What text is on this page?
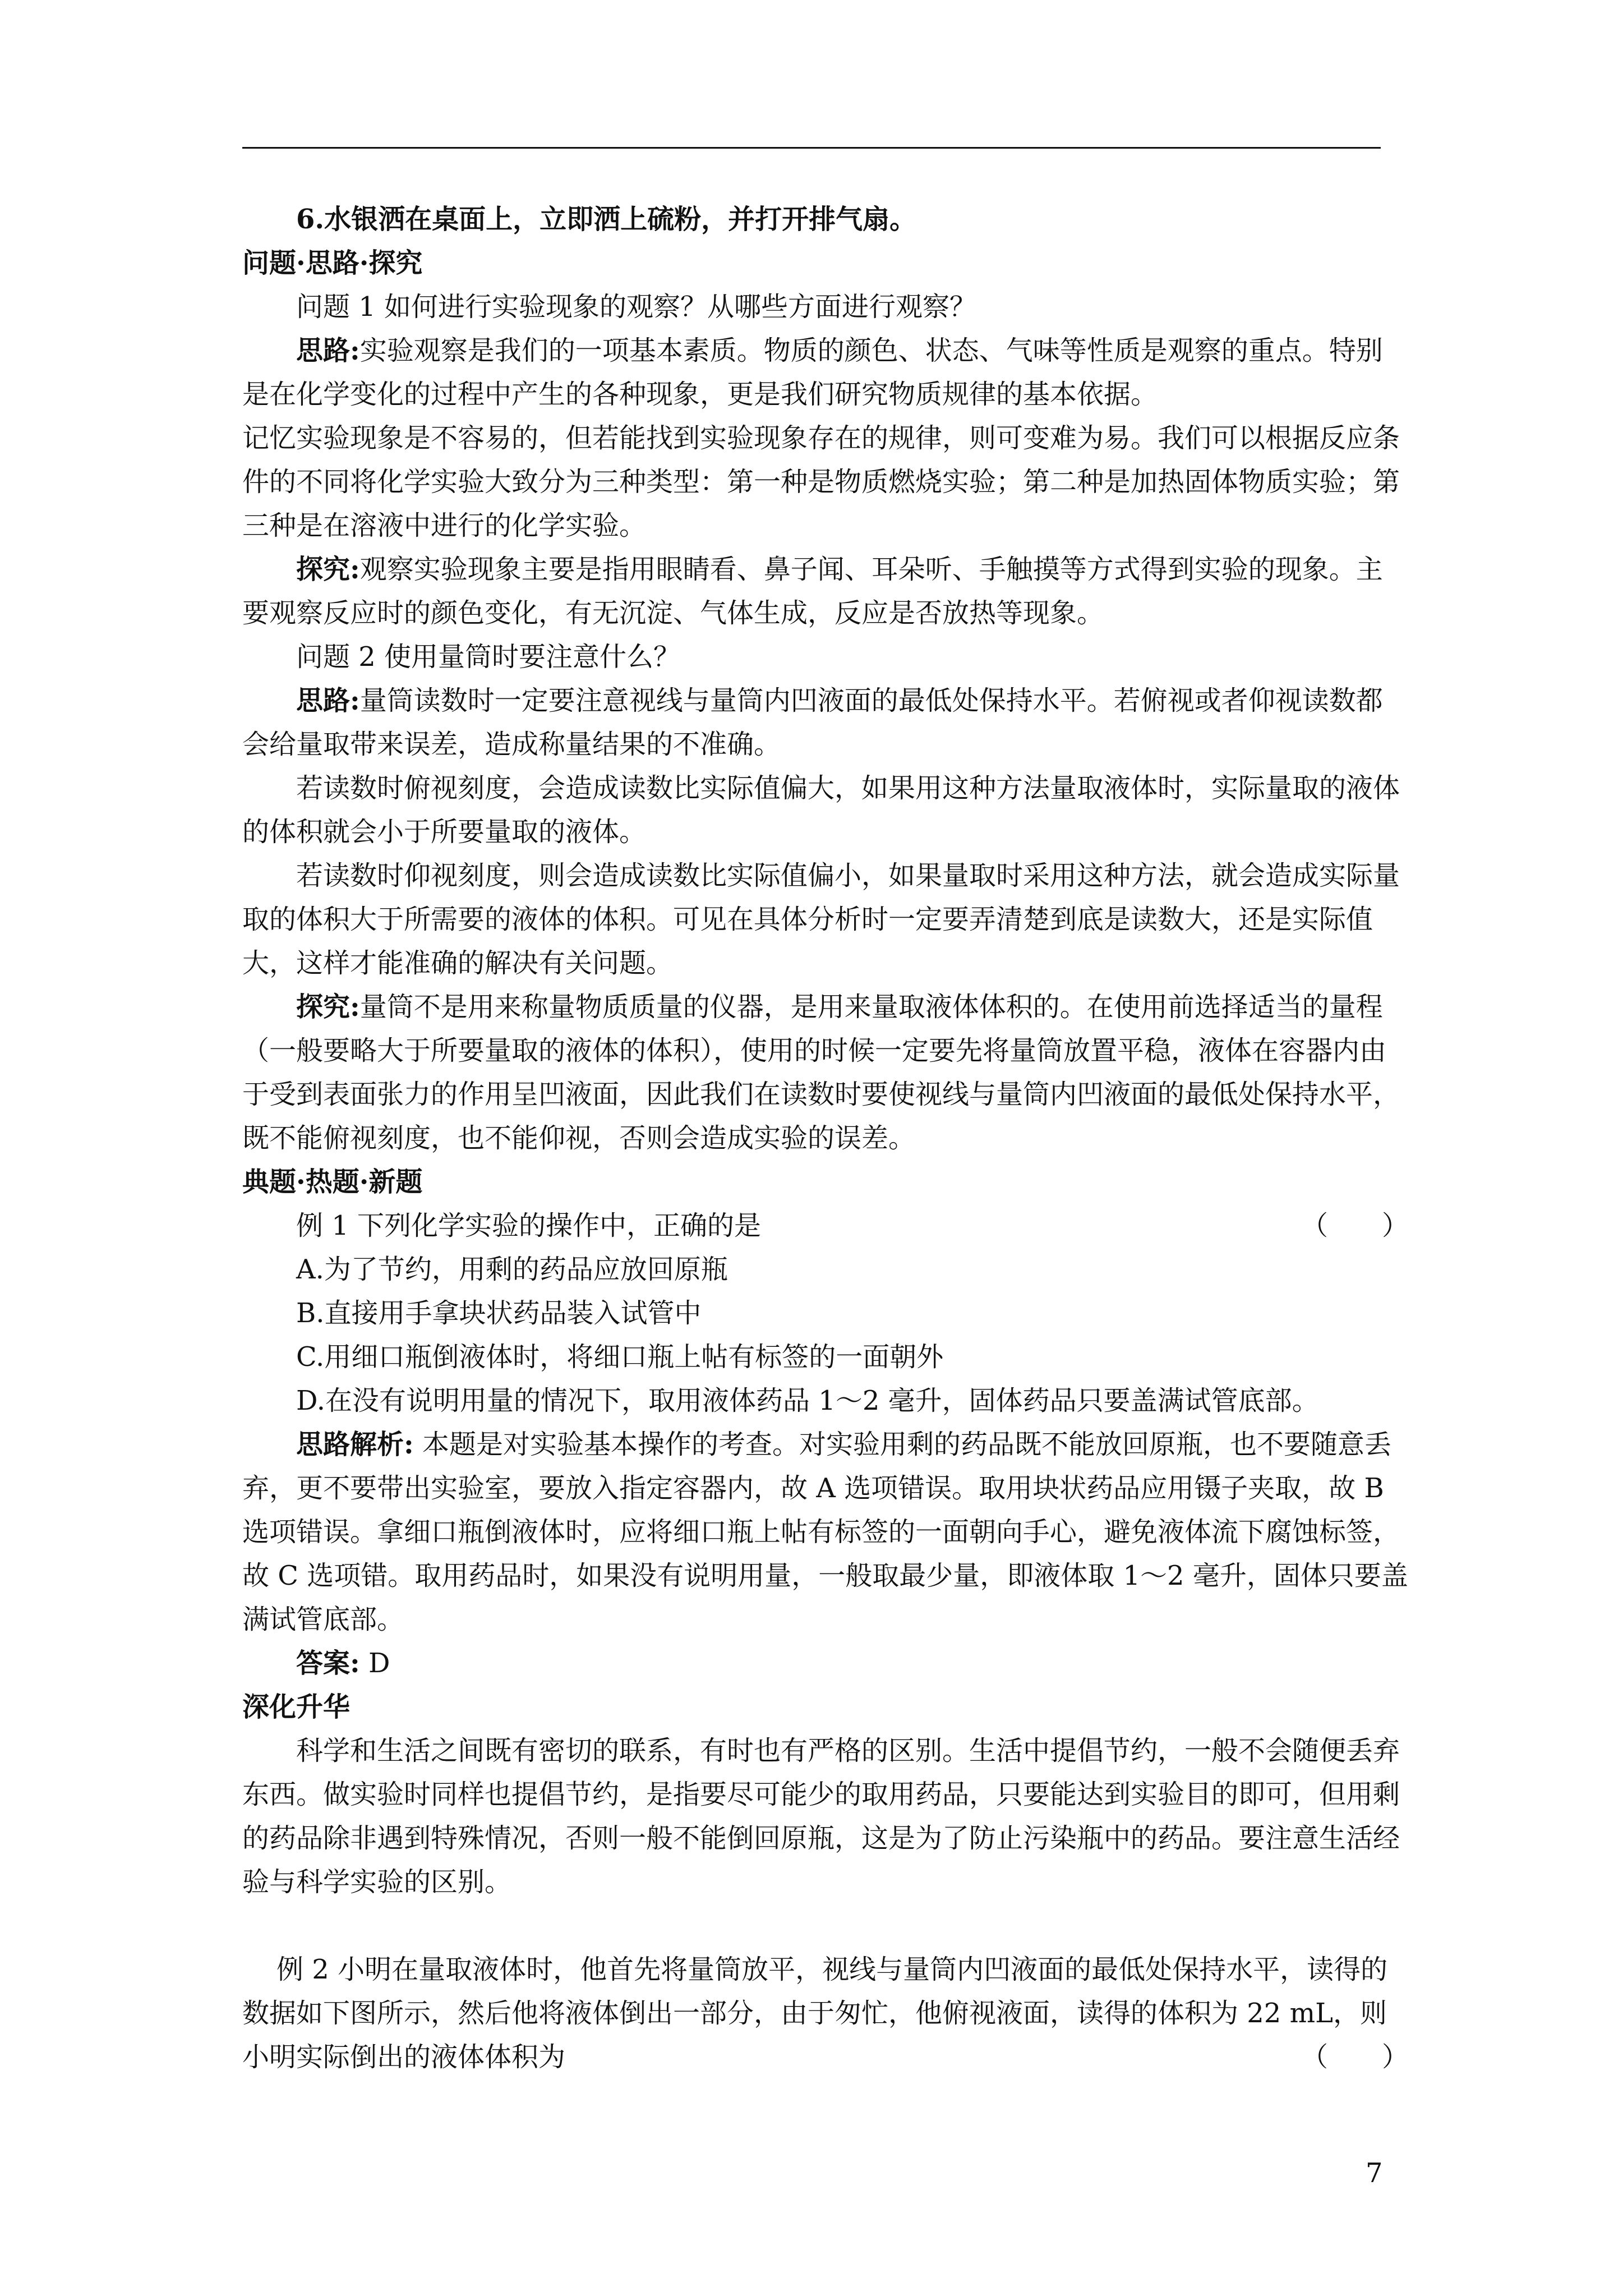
6.水银洒在桌面上，立即洒上硫粉，并打开排气扇。

问题·思路·探究

问题 1 如何进行实验现象的观察？从哪些方面进行观察？

思路:实验观察是我们的一项基本素质。物质的颜色、状态、气味等性质是观察的重点。特别是在化学变化的过程中产生的各种现象，更是我们研究物质规律的基本依据。

记忆实验现象是不容易的，但若能找到实验现象存在的规律，则可变难为易。我们可以根据反应条件的不同将化学实验大致分为三种类型：第一种是物质燃烧实验；第二种是加热固体物质实验；第三种是在溶液中进行的化学实验。

探究:观察实验现象主要是指用眼睛看、鼻子闻、耳朵听、手触摸等方式得到实验的现象。主要观察反应时的颜色变化，有无沉淀、气体生成，反应是否放热等现象。

问题 2 使用量筒时要注意什么？

思路:量筒读数时一定要注意视线与量筒内凹液面的最低处保持水平。若俯视或者仰视读数都会给量取带来误差，造成称量结果的不准确。

若读数时俯视刻度，会造成读数比实际值偏大，如果用这种方法量取液体时，实际量取的液体的体积就会小于所要量取的液体。

若读数时仰视刻度，则会造成读数比实际值偏小，如果量取时采用这种方法，就会造成实际量取的体积大于所需要的液体的体积。可见在具体分析时一定要弄清楚到底是读数大，还是实际值大，这样才能准确的解决有关问题。

探究:量筒不是用来称量物质质量的仪器，是用来量取液体体积的。在使用前选择适当的量程（一般要略大于所要量取的液体的体积），使用的时候一定要先将量筒放置平稳，液体在容器内由于受到表面张力的作用呈凹液面，因此我们在读数时要使视线与量筒内凹液面的最低处保持水平，既不能俯视刻度，也不能仰视，否则会造成实验的误差。

典题·热题·新题

例 1 下列化学实验的操作中，正确的是	（　　）

A.为了节约，用剩的药品应放回原瓶

B.直接用手拿块状药品装入试管中

C.用细口瓶倒液体时，将细口瓶上帖有标签的一面朝外

D.在没有说明用量的情况下，取用液体药品 1～2 毫升，固体药品只要盖满试管底部。

思路解析: 本题是对实验基本操作的考查。对实验用剩的药品既不能放回原瓶，也不要随意丢弃，更不要带出实验室，要放入指定容器内，故 A 选项错误。取用块状药品应用镊子夹取，故 B 选项错误。拿细口瓶倒液体时，应将细口瓶上帖有标签的一面朝向手心，避免液体流下腐蚀标签，故 C 选项错。取用药品时，如果没有说明用量，一般取最少量，即液体取 1～2 毫升，固体只要盖满试管底部。

答案: D

深化升华

科学和生活之间既有密切的联系，有时也有严格的区别。生活中提倡节约，一般不会随便丢弃东西。做实验时同样也提倡节约，是指要尽可能少的取用药品，只要能达到实验目的即可，但用剩的药品除非遇到特殊情况，否则一般不能倒回原瓶，这是为了防止污染瓶中的药品。要注意生活经验与科学实验的区别。

例 2 小明在量取液体时，他首先将量筒放平，视线与量筒内凹液面的最低处保持水平，读得的数据如下图所示，然后他将液体倒出一部分，由于匆忙，他俯视液面，读得的体积为 22 mL，则小明实际倒出的液体体积为	（　　）

7
